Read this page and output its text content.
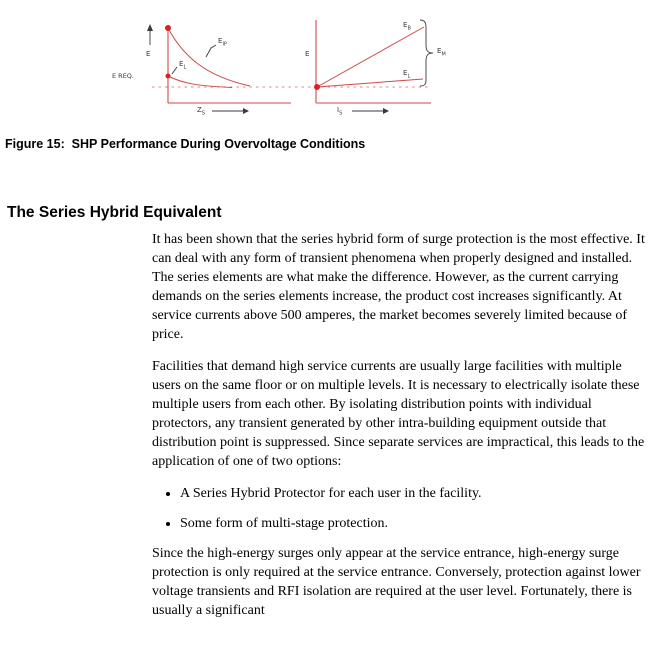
E
E REQ.
$E_{IP}$
$E_L$
$Z_S$
E
$E_B$
$E_L$
$E_M$
$I_S$
Figure 15:  SHP Performance During Overvoltage Conditions
The Series Hybrid Equivalent

It has been shown that the series hybrid form of surge protection is the most effective. It can deal with any form of transient phenomena when properly designed and installed. The series elements are what make the difference. However, as the current carrying demands on the series elements increase, the product cost increases significantly. At service currents above 500 amperes, the market becomes severely limited because of price.

Facilities that demand high service currents are usually large facilities with multiple users on the same floor or on multiple levels. It is necessary to electrically isolate these multiple users from each other. By isolating distribution points with individual protectors, any transient generated by other intra-building equipment outside that distribution point is suppressed. Since separate services are impractical, this leads to the application of one of two options:

• A Series Hybrid Protector for each user in the facility.
• Some form of multi-stage protection.

Since the high-energy surges only appear at the service entrance, high-energy surge protection is only required at the service entrance. Conversely, protection against lower voltage transients and RFI isolation are required at the user level. Fortunately, there is usually a significant
